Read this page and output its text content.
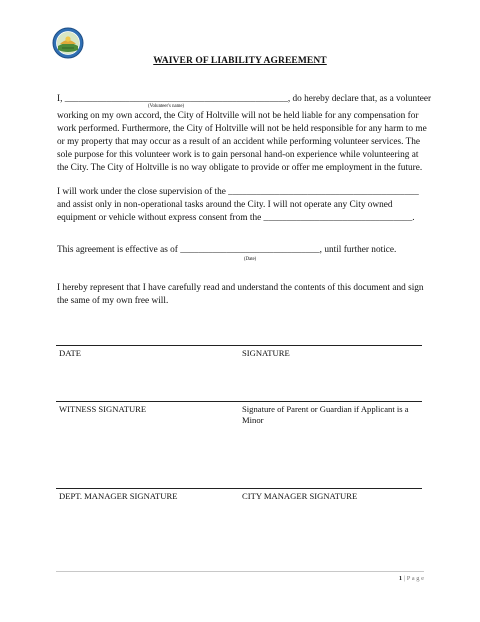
WAIVER OF LIABILITY AGREEMENT
I, ________________________________________________, do hereby declare that, as a volunteer
(Volunteer's name)
working on my own accord, the City of Holtville will not be held liable for any compensation for work performed. Furthermore, the City of Holtville will not be held responsible for any harm to me or my property that may occur as a result of an accident while performing volunteer services. The sole purpose for this volunteer work is to gain personal hand-on experience while volunteering at the City. The City of Holtville is no way obligate to provide or offer me employment in the future.
I will work under the close supervision of the _________________________________________ and assist only in non-operational tasks around the City. I will not operate any City owned equipment or vehicle without express consent from the ________________________________.
This agreement is effective as of ______________________________, until further notice.
(Date)
I hereby represent that I have carefully read and understand the contents of this document and sign the same of my own free will.
DATE	SIGNATURE
WITNESS SIGNATURE	Signature of Parent or Guardian if Applicant is a Minor
DEPT. MANAGER SIGNATURE	CITY MANAGER SIGNATURE
1 | P a g e
